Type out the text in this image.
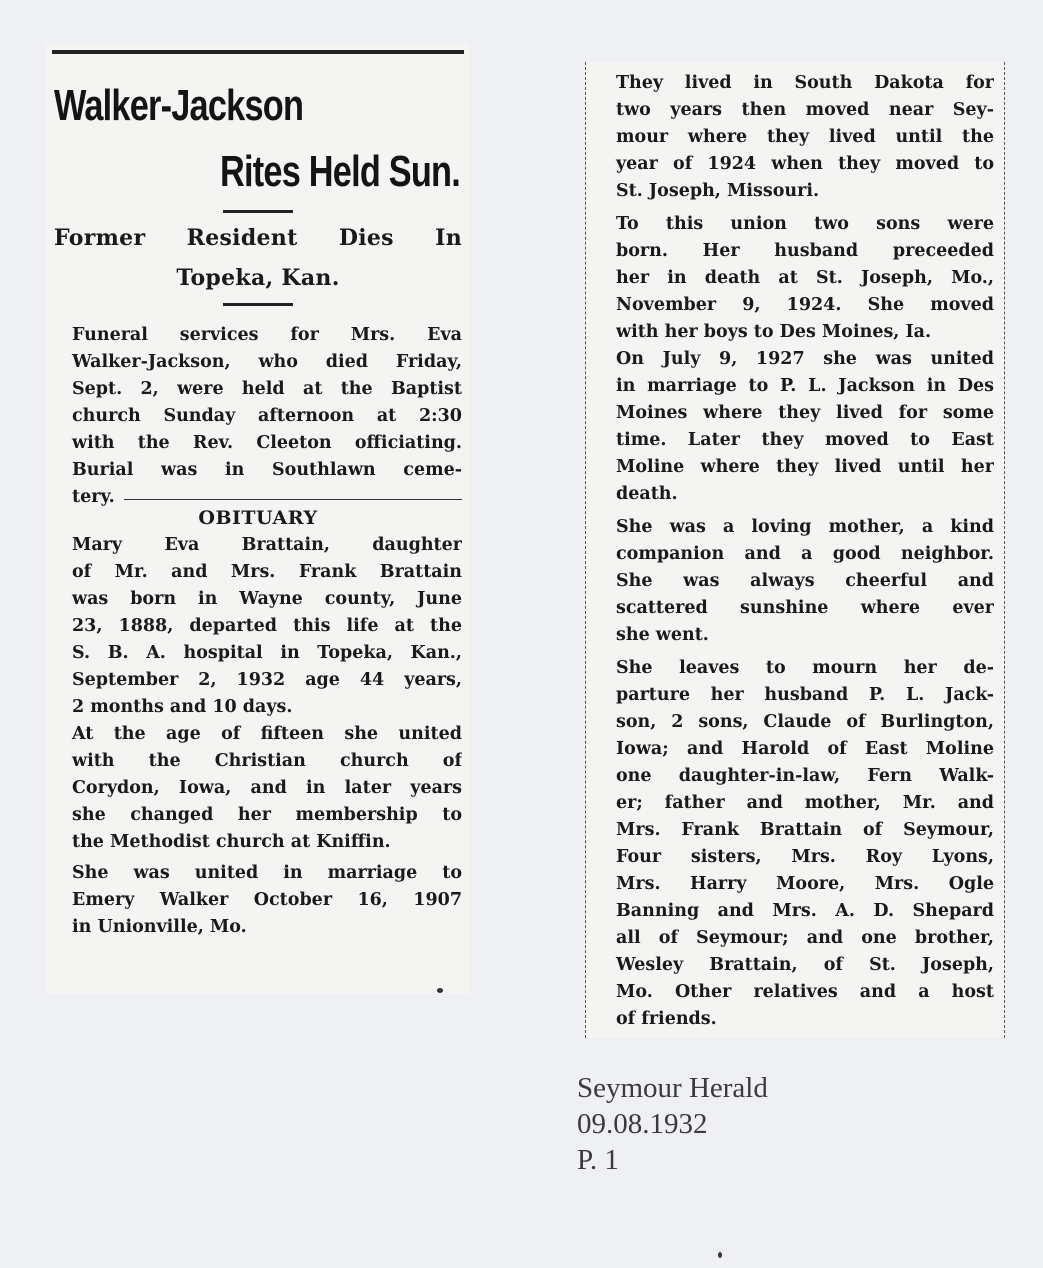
Walker-Jackson
Rites Held Sun.
Former Resident Dies In
Topeka, Kan.
Funeral services for Mrs. Eva
Walker-Jackson, who died Friday,
Sept. 2, were held at the Baptist
church Sunday afternoon at 2:30
with the Rev. Cleeton officiating.
Burial was in Southlawn ceme-
tery.
OBITUARY
Mary Eva Brattain, daughter
of Mr. and Mrs. Frank Brattain
was born in Wayne county, June
23, 1888, departed this life at the
S. B. A. hospital in Topeka, Kan.,
September 2, 1932 age 44 years,
2 months and 10 days.
At the age of fifteen she united
with the Christian church of
Corydon, Iowa, and in later years
she changed her membership to
the Methodist church at Kniffin.
She was united in marriage to
Emery Walker October 16, 1907
in Unionville, Mo.
They lived in South Dakota for
two years then moved near Sey-
mour where they lived until the
year of 1924 when they moved to
St. Joseph, Missouri.
To this union two sons were
born. Her husband preceeded
her in death at St. Joseph, Mo.,
November 9, 1924. She moved
with her boys to Des Moines, Ia.
On July 9, 1927 she was united
in marriage to P. L. Jackson in Des
Moines where they lived for some
time. Later they moved to East
Moline where they lived until her
death.
She was a loving mother, a kind
companion and a good neighbor.
She was always cheerful and
scattered sunshine where ever
she went.
She leaves to mourn her de-
parture her husband P. L. Jack-
son, 2 sons, Claude of Burlington,
Iowa; and Harold of East Moline
one daughter-in-law, Fern Walk-
er; father and mother, Mr. and
Mrs. Frank Brattain of Seymour,
Four sisters, Mrs. Roy Lyons,
Mrs. Harry Moore, Mrs. Ogle
Banning and Mrs. A. D. Shepard
all of Seymour; and one brother,
Wesley Brattain, of St. Joseph,
Mo. Other relatives and a host
of friends.
Seymour Herald
09.08.1932
P. 1
